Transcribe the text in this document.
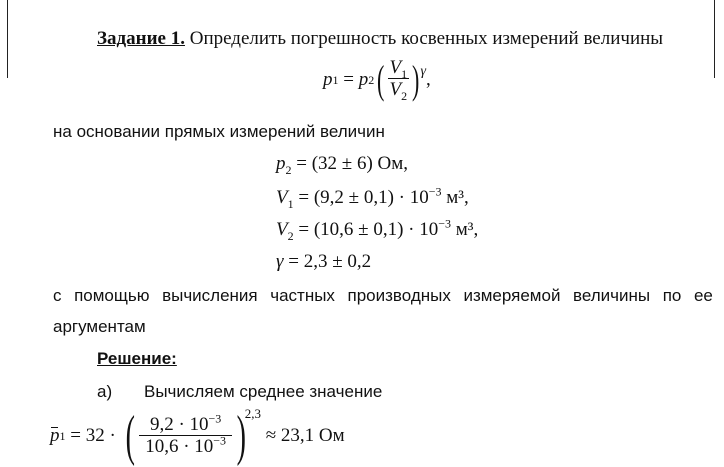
Задание 1. Определить погрешность косвенных измерений величины
p 1 = p 2 ( $\frac{V_1}{V_2}$ ) γ ,
на основании прямых измерений величин
$p_2 = (32 \pm 6)$ Ом,
$V_1 = (9,2 \pm 0,1) \cdot 10^{-3}$ м³,
$V_2 = (10,6 \pm 0,1) \cdot 10^{-3}$ м³,
γ = 2,3 ± 0,2
с помощью вычисления частных производных измеряемой величины по ее
аргументам
Решение:
а) Вычисляем среднее значение
p 1 = 32 · ( $\frac{9,2 \cdot 10^{-3}}{10,6 \cdot 10^{-3}}$ )
2,3
≈ 23,1 Ом
